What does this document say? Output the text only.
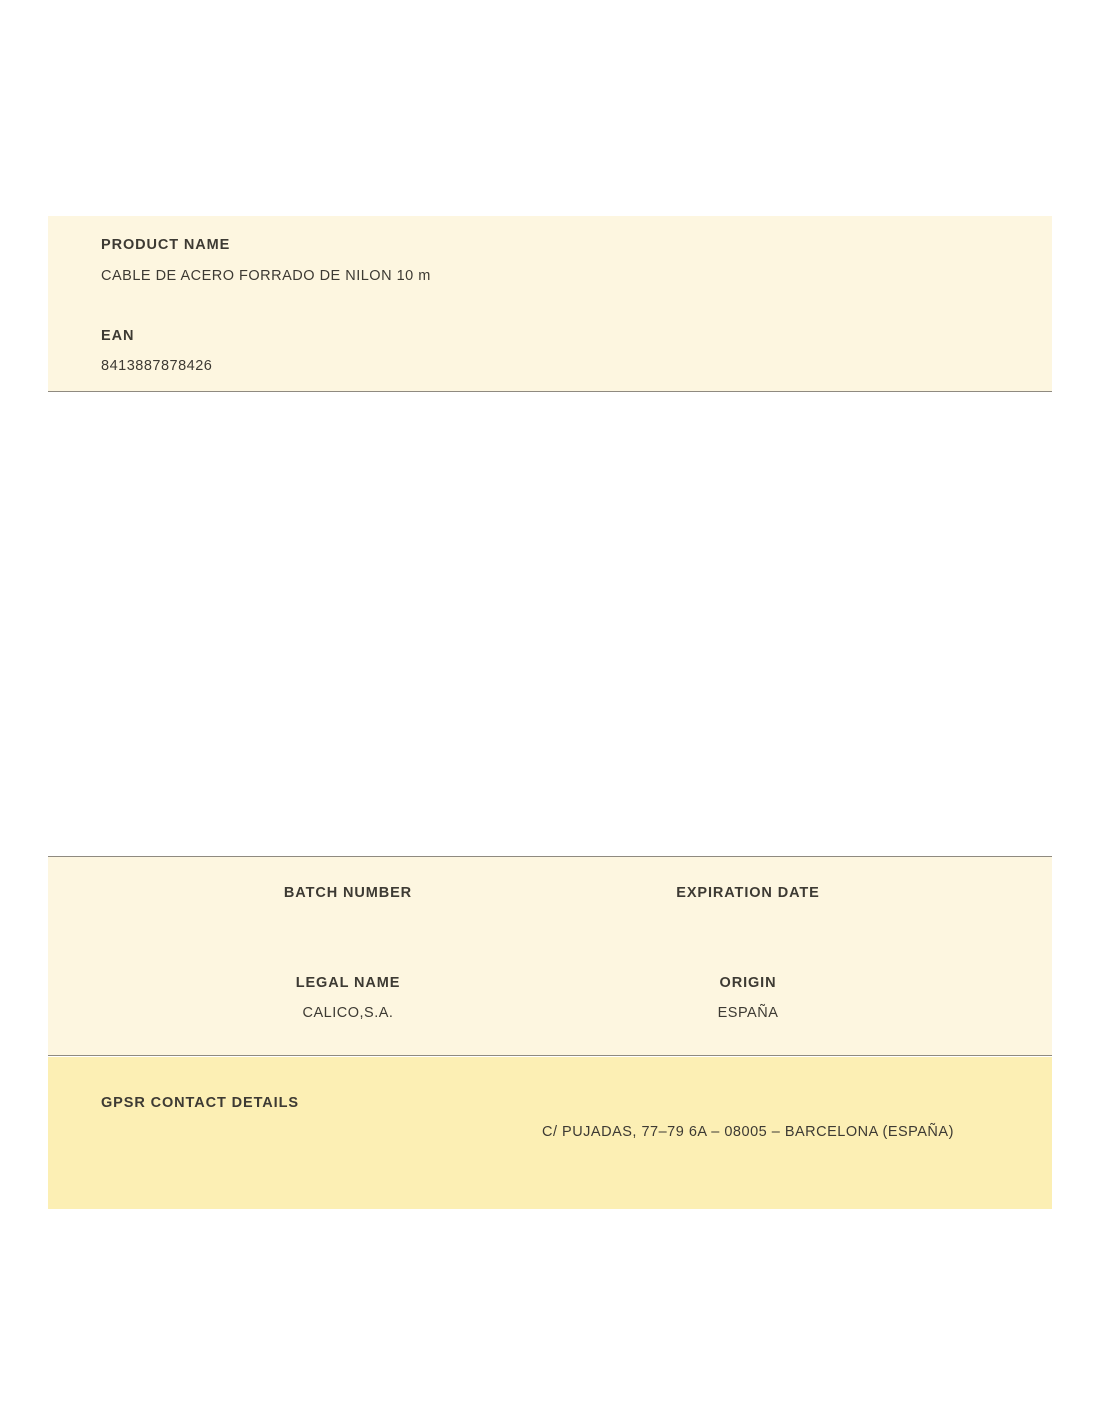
PRODUCT NAME
CABLE DE ACERO FORRADO DE NILON 10 m
EAN
8413887878426
BATCH NUMBER
LEGAL NAME
CALICO,S.A.
EXPIRATION DATE
ORIGIN
ESPAÑA
GPSR CONTACT DETAILS
C/ PUJADAS, 77–79 6A – 08005 – BARCELONA (ESPAÑA)
